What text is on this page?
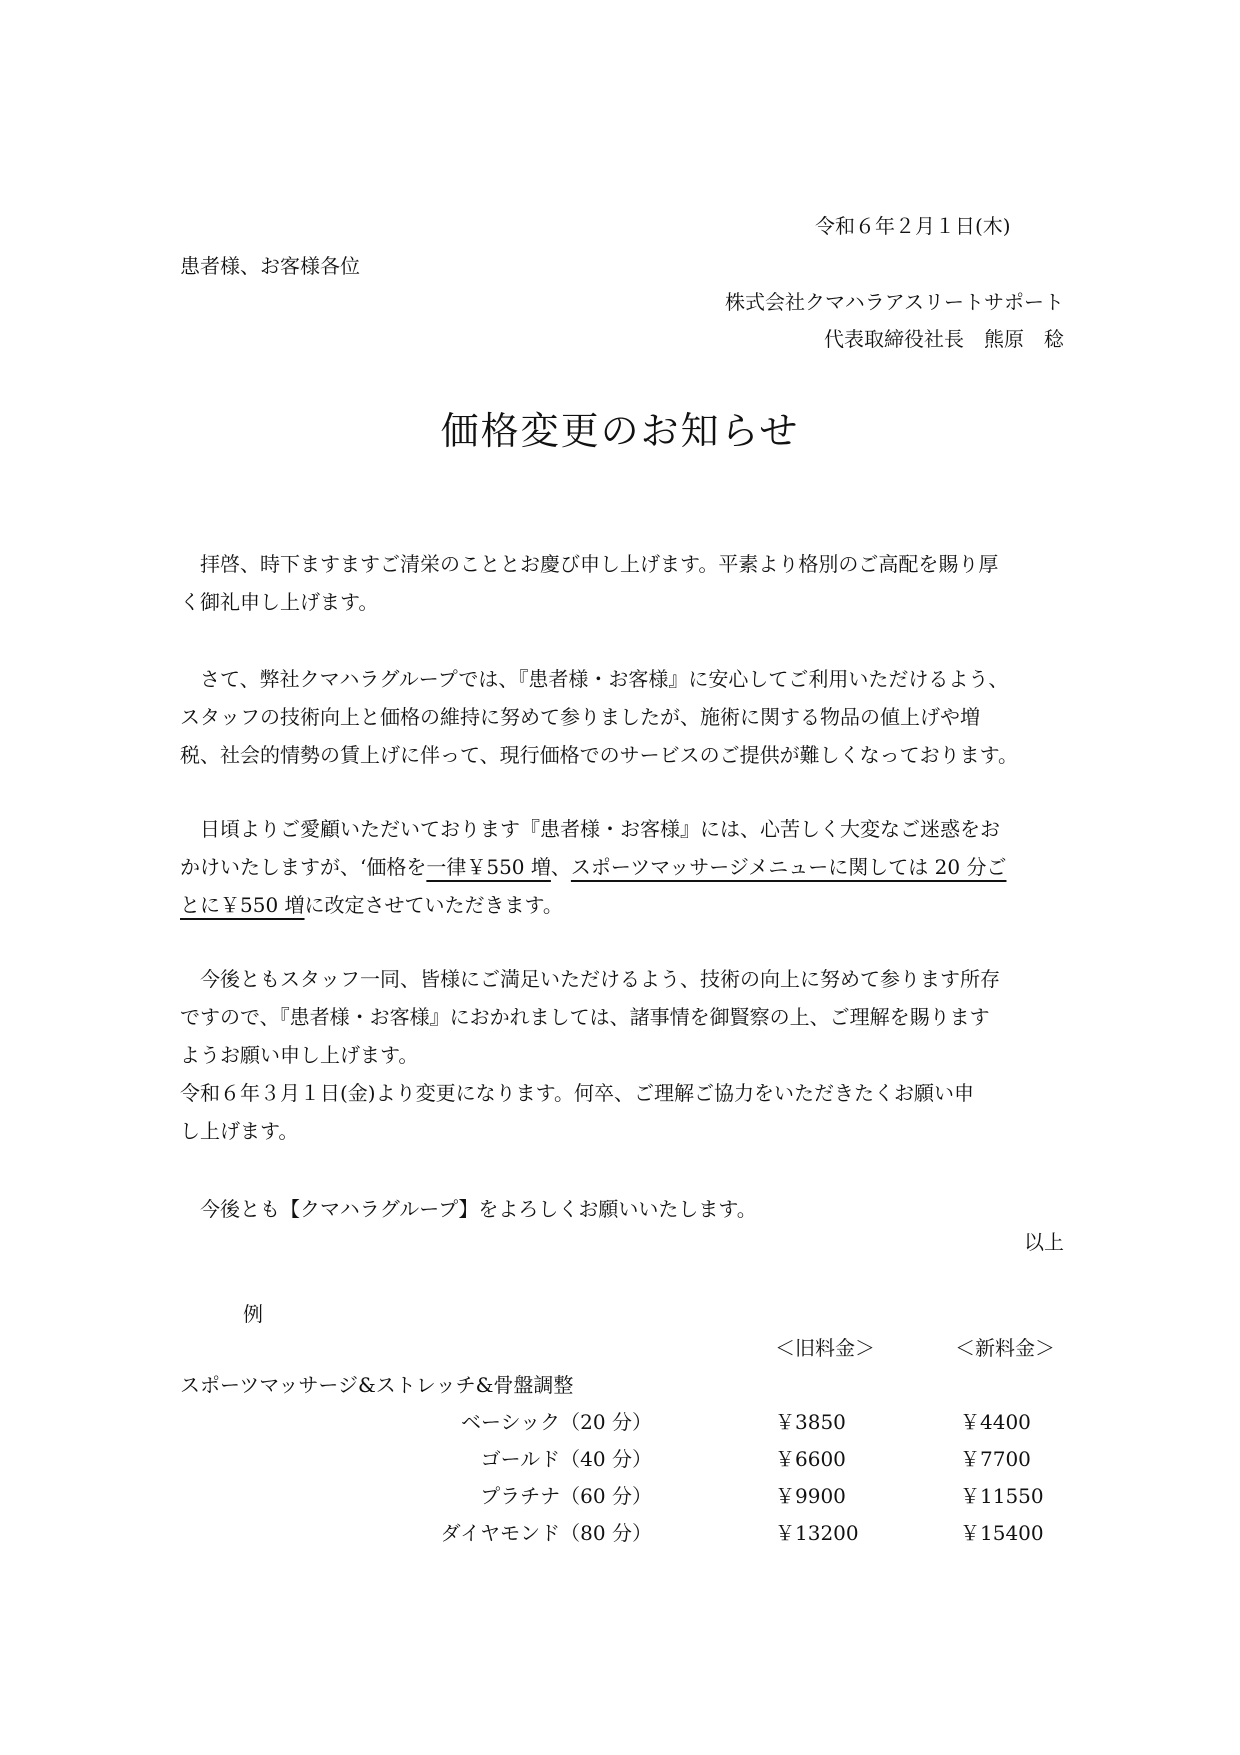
令和６年２月１日(木)
患者様、お客様各位
株式会社クマハラアスリートサポート
代表取締役社長　熊原　稔
価格変更のお知らせ
　拝啓、時下ますますご清栄のこととお慶び申し上げます。平素より格別のご高配を賜り厚
く御礼申し上げます。
　さて、弊社クマハラグループでは、『患者様・お客様』に安心してご利用いただけるよう、
スタッフの技術向上と価格の維持に努めて参りましたが、施術に関する物品の値上げや増
税、社会的情勢の賃上げに伴って、現行価格でのサービスのご提供が難しくなっております。
　日頃よりご愛顧いただいております『患者様・お客様』には、心苦しく大変なご迷惑をお
かけいたしますが、‘価格を一律￥550 増、スポーツマッサージメニューに関しては 20 分ご
とに￥550 増に改定させていただきます。
　今後ともスタッフ一同、皆様にご満足いただけるよう、技術の向上に努めて参ります所存
ですので、『患者様・お客様』におかれましては、諸事情を御賢察の上、ご理解を賜ります
ようお願い申し上げます。
令和６年３月１日(金)より変更になります。何卒、ご理解ご協力をいただきたくお願い申
し上げます。
　今後とも【クマハラグループ】をよろしくお願いいたします。
以上
例
＜旧料金＞	＜新料金＞
スポーツマッサージ&ストレッチ&骨盤調整
ベーシック（20 分）	￥3850	￥4400
ゴールド（40 分）	￥6600	￥7700
プラチナ（60 分）	￥9900	￥11550
ダイヤモンド（80 分）	￥13200	￥15400
